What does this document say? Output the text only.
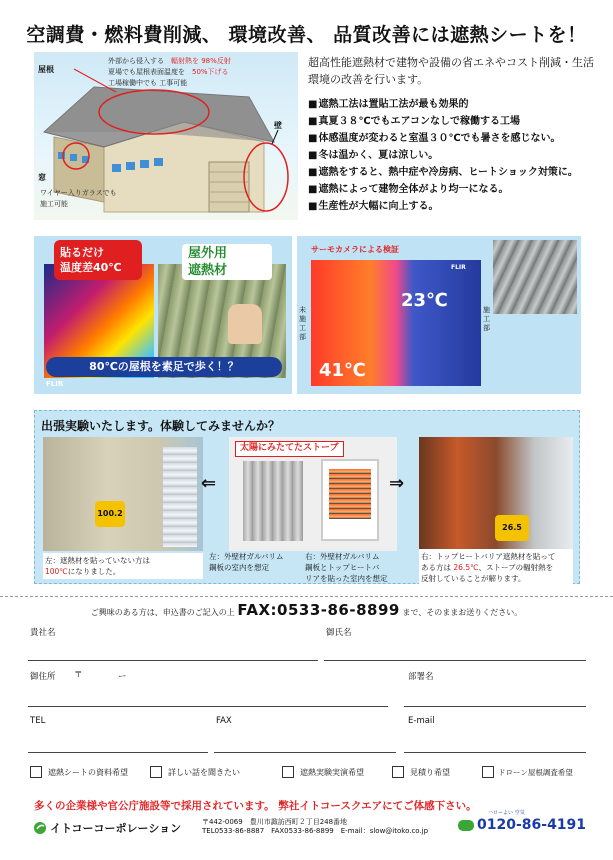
空調費・燃料費削減、 環境改善、 品質改善には遮熱シートを！
屋根
壁
窓
外部から侵入する　 輻射熱を 98%反射
夏場でも屋根表面温度を　 50%下げる
工場稼働中でも 工事可能
ワイヤー入りガラスでも
施工可能
超高性能遮熱材で建物や設備の省エネやコスト削減・生活環境の改善を行います。
■ 遮熱工法は置貼工法が最も効果的
■ 真夏３８℃でもエアコンなしで稼働する工場
■ 体感温度が変わると室温３０℃でも暑さを感じない。
■ 冬は温かく、夏は涼しい。
■ 遮熱をすると、熱中症や冷房病、ヒートショック対策に。
■ 遮熱によって建物全体がより均一になる。
■ 生産性が大幅に向上する。
貼るだけ
温度差40℃
屋外用
遮熱材
80℃の屋根を素足で歩く！？
FLIR
サーモカメラによる検証
41℃
23℃
FLIR
未施工部
施工部
出張実験いたします。体験してみませんか？
100.2
⇐
太陽にみたてたストーブ
⇒
26.5
左：遮熱材を貼っていない方は
100℃になりました。
左：外壁材ガルバリム
鋼板の室内を想定
右：外壁材ガルバリム
鋼板とトップヒートバ
リアを貼った室内を想定
右：トップヒートバリア遮熱材を貼って
ある方は 26.5℃、ストーブの輻射熱を
反射していることが解ります。
ご興味のある方は、申込書のご記入の上 FAX:0533-86-8899 まで、そのままお送りください。
貴社名	御氏名
御住所 〒	ー	部署名
TEL	FAX	E-mail
遮熱シートの資料希望	詳しい話を聞きたい	遮熱実験実演希望	見積り希望	ドローン屋根調査希望
多くの企業様や官公庁施設等で採用されています。 弊社イトコースクエアにてご体感下さい。
イトコーコーポレーション	〒442-0069　豊川市諏訪西町２丁目248番地
TEL0533-86-8887　FAX0533-86-8899　E-mail：slow@itoko.co.jp
ハローよい 空気
0120-86-4191
